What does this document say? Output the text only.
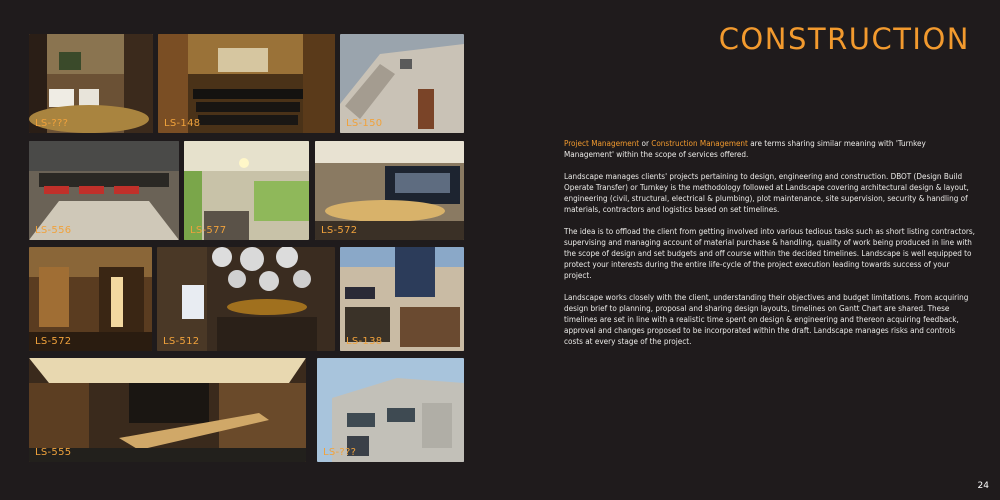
LS-???	LS-148	LS-150
LS-556	LS-577	LS-572
LS-572	LS-512	LS-138
LS-555	LS-???
CONSTRUCTION

Project Management or Construction Management are terms sharing similar meaning with 'Turnkey Management' within the scope of services offered.

Landscape manages clients' projects pertaining to design, engineering and construction. DBOT (Design Build Operate Transfer) or Turnkey is the methodology followed at Landscape covering architectural design & layout, engineering (civil, structural, electrical & plumbing), plot maintenance, site supervision, security & handling of materials, contractors and logistics based on set timelines.

The idea is to offload the client from getting involved into various tedious tasks such as short listing contractors, supervising and managing account of material purchase & handling, quality of work being produced in line with the scope of design and set budgets and off course within the decided timelines. Landscape is well equipped to protect your interests during the entire life-cycle of the project execution leading towards success of your project.

Landscape works closely with the client, understanding their objectives and budget limitations. From acquiring design brief to planning, proposal and sharing design layouts, timelines on Gantt Chart are shared. These timelines are set in line with a realistic time spent on design & engineering and thereon acquiring feedback, approval and changes proposed to be incorporated within the draft. Landscape manages risks and controls costs at every stage of the project.

24
